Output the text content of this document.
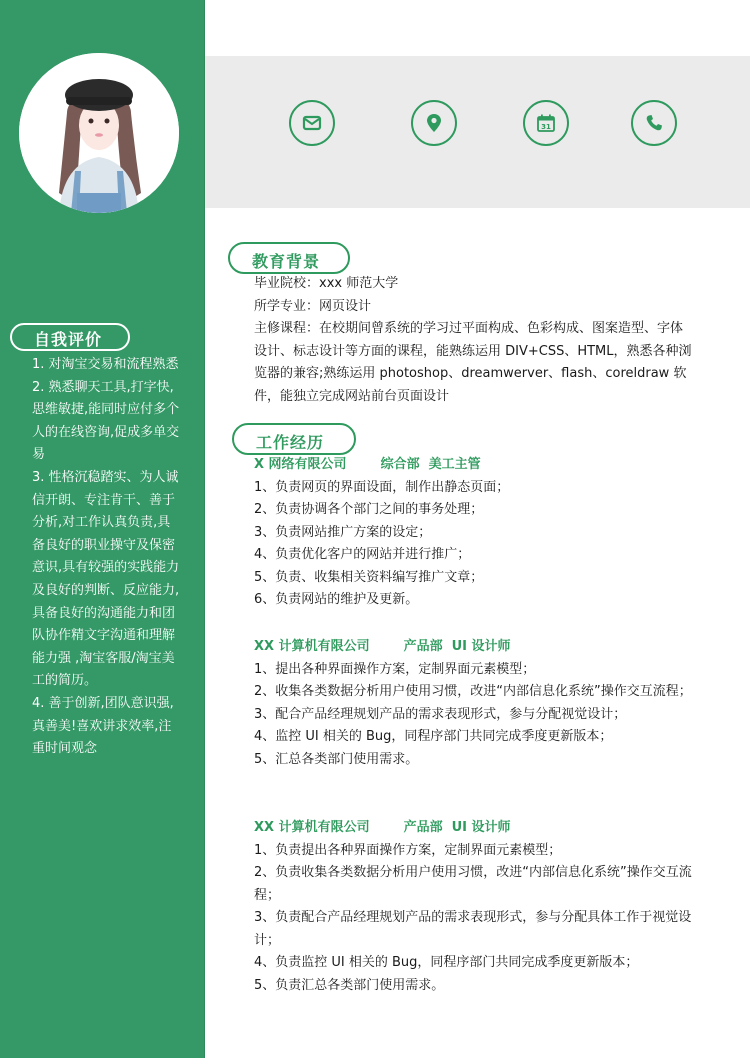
自我评价

1. 对淘宝交易和流程熟悉

2. 熟悉聊天工具,打字快,思维敏捷,能同时应付多个人的在线咨询,促成多单交易

3. 性格沉稳踏实、为人诚信开朗、专注肯干、善于分析,对工作认真负责,具备良好的职业操守及保密意识,具有较强的实践能力及良好的判断、反应能力,具备良好的沟通能力和团队协作精文字沟通和理解能力强 ,淘宝客服/淘宝美工的简历。

4. 善于创新,团队意识强,真善美!喜欢讲求效率,注重时间观念

31
教育背景

毕业院校：xxx 师范大学

所学专业：网页设计

主修课程：在校期间曾系统的学习过平面构成、色彩构成、图案造型、字体设计、标志设计等方面的课程，能熟练运用 DIV+CSS、HTML，熟悉各种浏览器的兼容;熟练运用 photoshop、dreamwerver、flash、coreldraw 软件，能独立完成网站前台页面设计

工作经历
X 网络有限公司	综合部  美工主管

1、负责网页的界面设面，制作出静态页面；

2、负责协调各个部门之间的事务处理；

3、负责网站推广方案的设定；

4、负责优化客户的网站并进行推广；

5、负责、收集相关资料编写推广文章；

6、负责网站的维护及更新。

XX 计算机有限公司	产品部  UI 设计师

1、提出各种界面操作方案，定制界面元素模型；

2、收集各类数据分析用户使用习惯，改进“内部信息化系统”操作交互流程；

3、配合产品经理规划产品的需求表现形式，参与分配视觉设计；

4、监控 UI 相关的 Bug，同程序部门共同完成季度更新版本；

5、汇总各类部门使用需求。

XX 计算机有限公司	产品部  UI 设计师

1、负责提出各种界面操作方案，定制界面元素模型；

2、负责收集各类数据分析用户使用习惯，改进“内部信息化系统”操作交互流程；

3、负责配合产品经理规划产品的需求表现形式，参与分配具体工作于视觉设计；

4、负责监控 UI 相关的 Bug，同程序部门共同完成季度更新版本；

5、负责汇总各类部门使用需求。
